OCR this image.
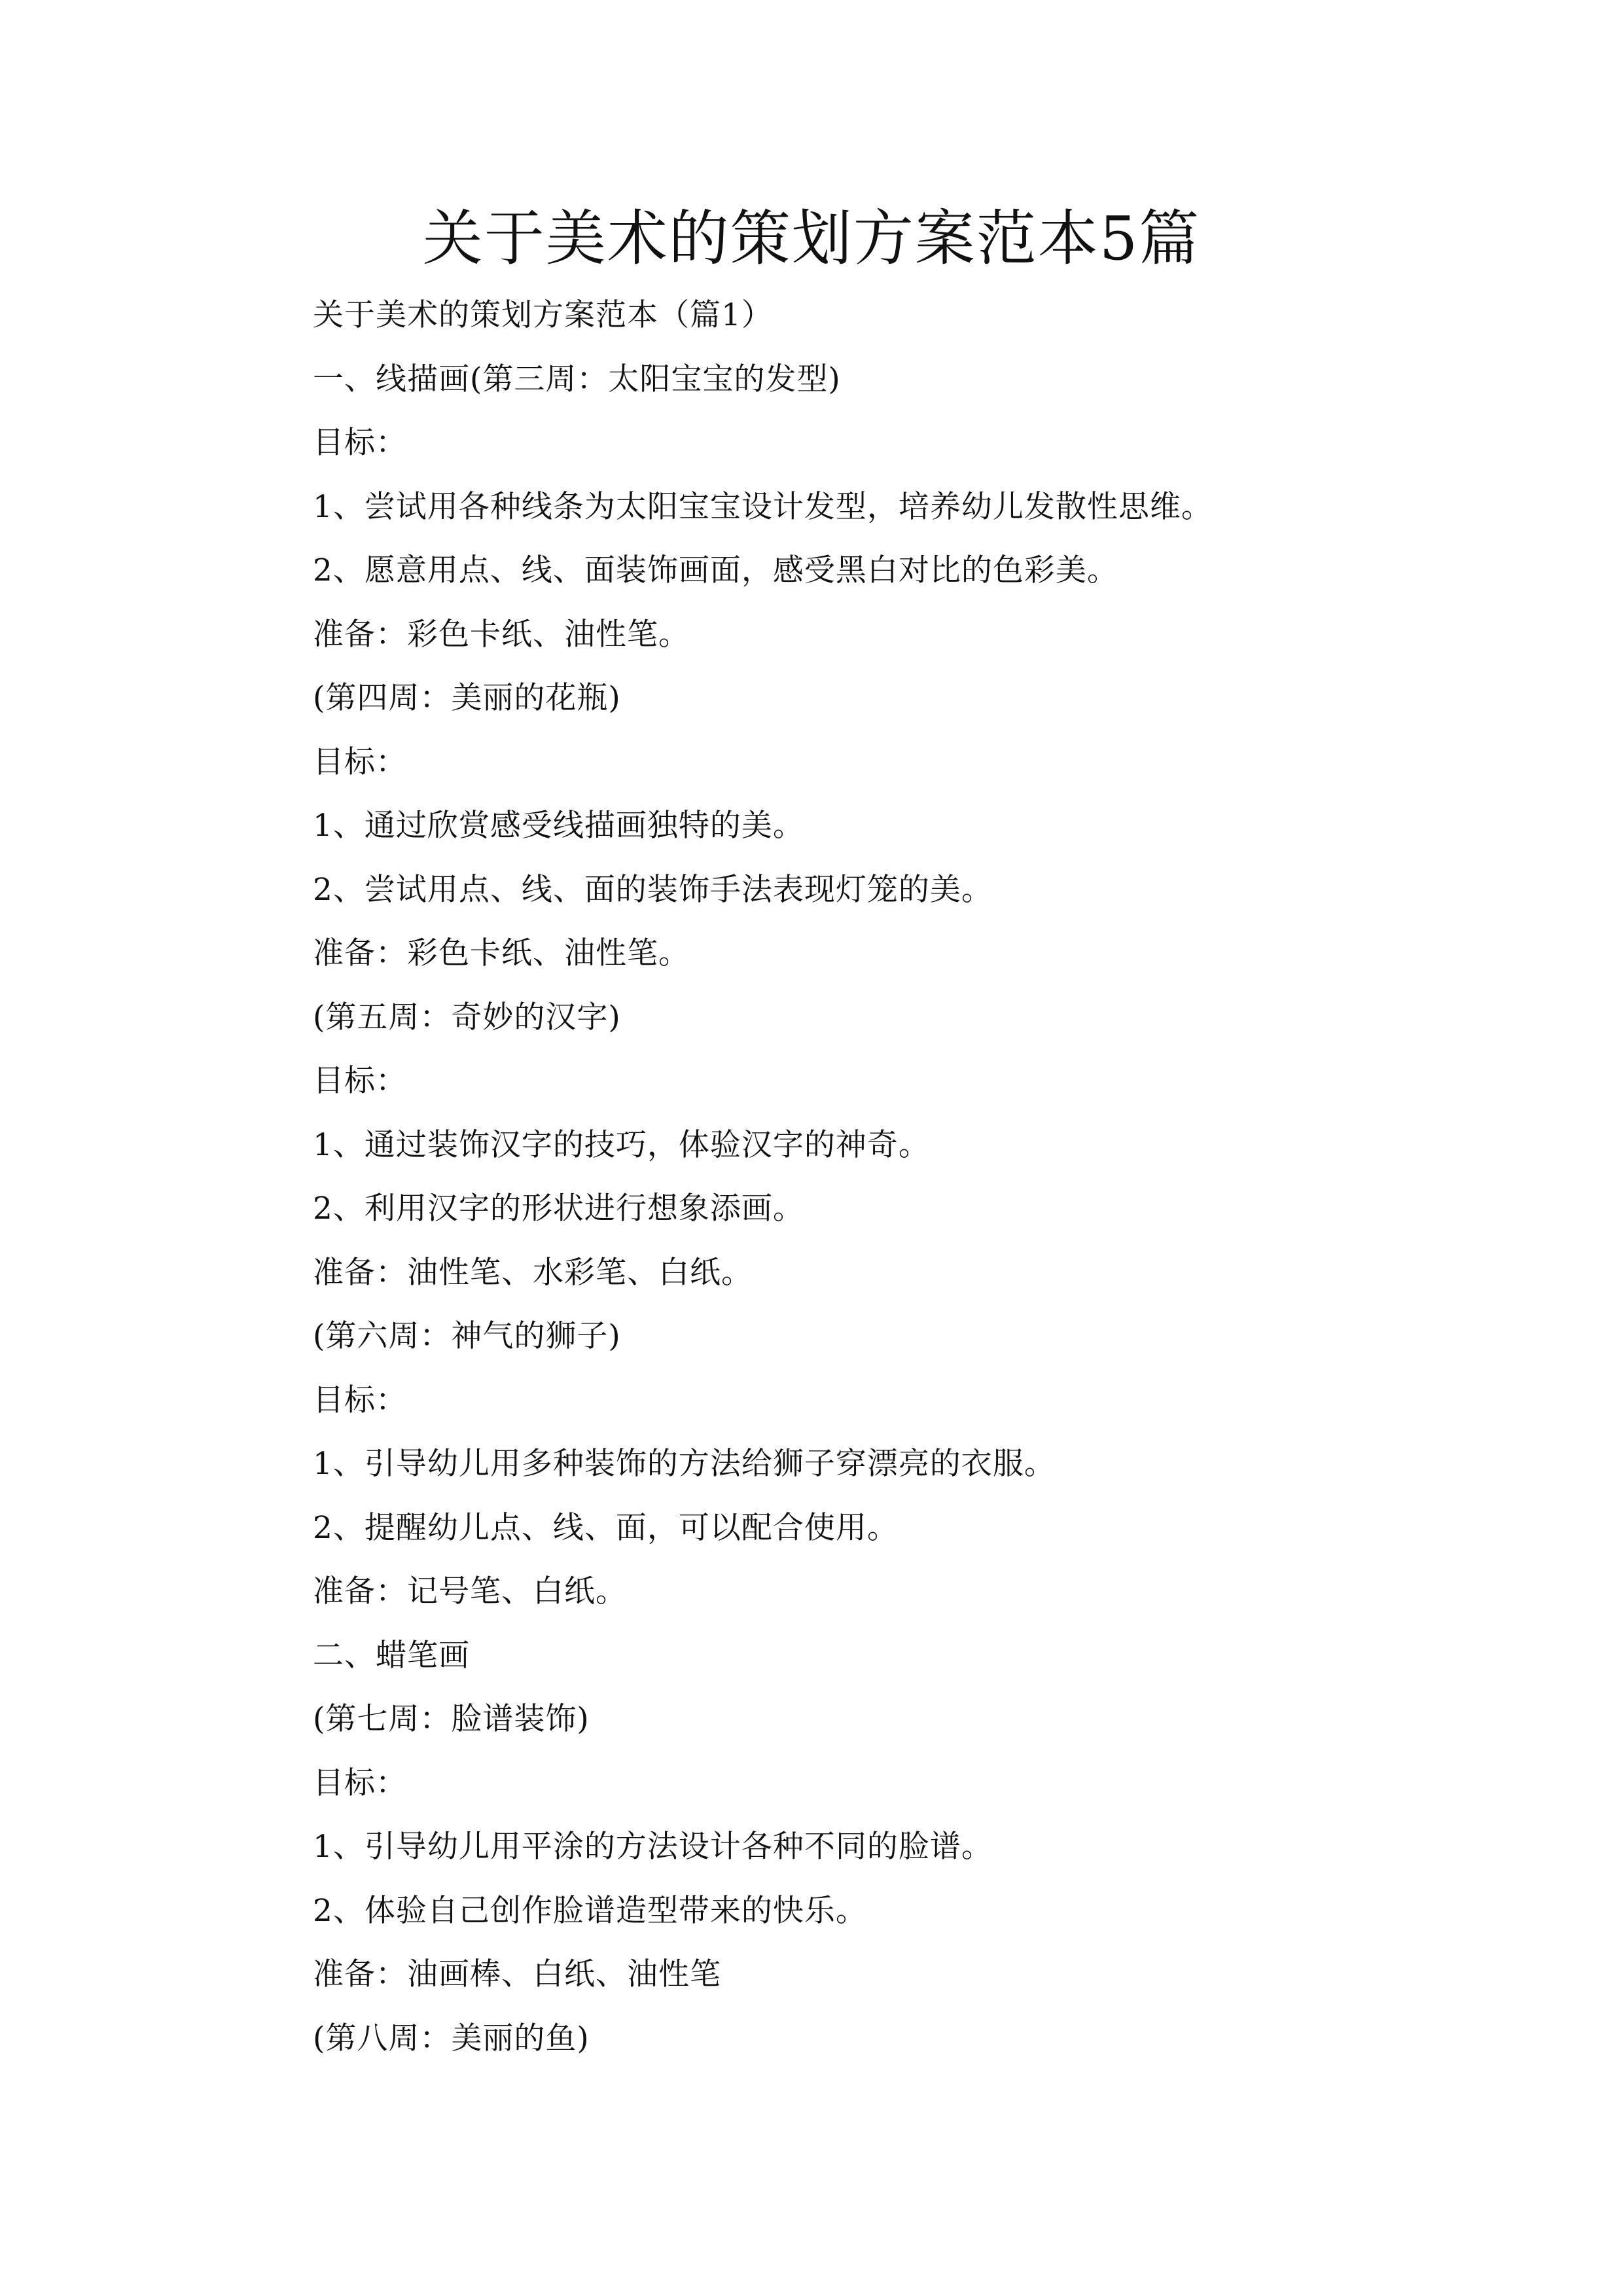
关于美术的策划方案范本5篇
关于美术的策划方案范本（篇1）
一、线描画(第三周：太阳宝宝的发型)
目标：
1、尝试用各种线条为太阳宝宝设计发型，培养幼儿发散性思维。
2、愿意用点、线、面装饰画面，感受黑白对比的色彩美。
准备：彩色卡纸、油性笔。
(第四周：美丽的花瓶)
目标：
1、通过欣赏感受线描画独特的美。
2、尝试用点、线、面的装饰手法表现灯笼的美。
准备：彩色卡纸、油性笔。
(第五周：奇妙的汉字)
目标：
1、通过装饰汉字的技巧，体验汉字的神奇。
2、利用汉字的形状进行想象添画。
准备：油性笔、水彩笔、白纸。
(第六周：神气的狮子)
目标：
1、引导幼儿用多种装饰的方法给狮子穿漂亮的衣服。
2、提醒幼儿点、线、面，可以配合使用。
准备：记号笔、白纸。
二、蜡笔画
(第七周：脸谱装饰)
目标：
1、引导幼儿用平涂的方法设计各种不同的脸谱。
2、体验自己创作脸谱造型带来的快乐。
准备：油画棒、白纸、油性笔
(第八周：美丽的鱼)
